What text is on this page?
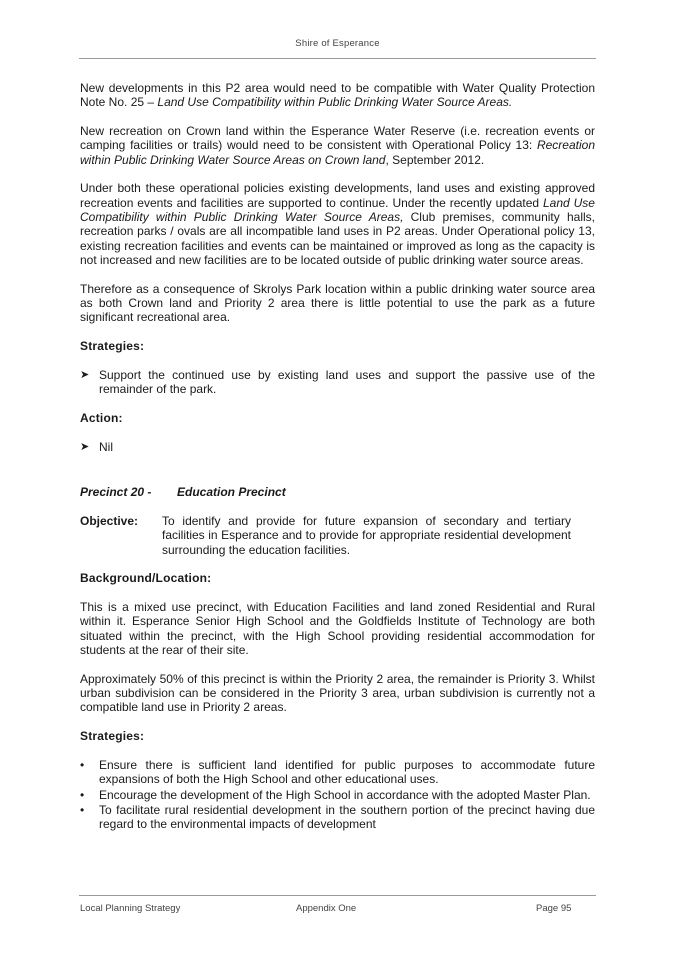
Shire of Esperance

New developments in this P2 area would need to be compatible with Water Quality Protection Note No. 25 – Land Use Compatibility within Public Drinking Water Source Areas.

New recreation on Crown land within the Esperance Water Reserve (i.e. recreation events or camping facilities or trails) would need to be consistent with Operational Policy 13: Recreation within Public Drinking Water Source Areas on Crown land, September 2012.

Under both these operational policies existing developments, land uses and existing approved recreation events and facilities are supported to continue. Under the recently updated Land Use Compatibility within Public Drinking Water Source Areas, Club premises, community halls, recreation parks / ovals are all incompatible land uses in P2 areas. Under Operational policy 13, existing recreation facilities and events can be maintained or improved as long as the capacity is not increased and new facilities are to be located outside of public drinking water source areas.

Therefore as a consequence of Skrolys Park location within a public drinking water source area as both Crown land and Priority 2 area there is little potential to use the park as a future significant recreational area.

Strategies:
➤ Support the continued use by existing land uses and support the passive use of the remainder of the park.
Action:
➤ Nil
Precinct 20 - Education Precinct
Objective:	To identify and provide for future expansion of secondary and tertiary facilities in Esperance and to provide for appropriate residential development surrounding the education facilities.
Background/Location:

This is a mixed use precinct, with Education Facilities and land zoned Residential and Rural within it. Esperance Senior High School and the Goldfields Institute of Technology are both situated within the precinct, with the High School providing residential accommodation for students at the rear of their site.

Approximately 50% of this precinct is within the Priority 2 area, the remainder is Priority 3. Whilst urban subdivision can be considered in the Priority 3 area, urban subdivision is currently not a compatible land use in Priority 2 areas.

Strategies:
•	Ensure there is sufficient land identified for public purposes to accommodate future expansions of both the High School and other educational uses.
•	Encourage the development of the High School in accordance with the adopted Master Plan.
•	To facilitate rural residential development in the southern portion of the precinct having due regard to the environmental impacts of development
Local Planning Strategy	Appendix One	Page 95
